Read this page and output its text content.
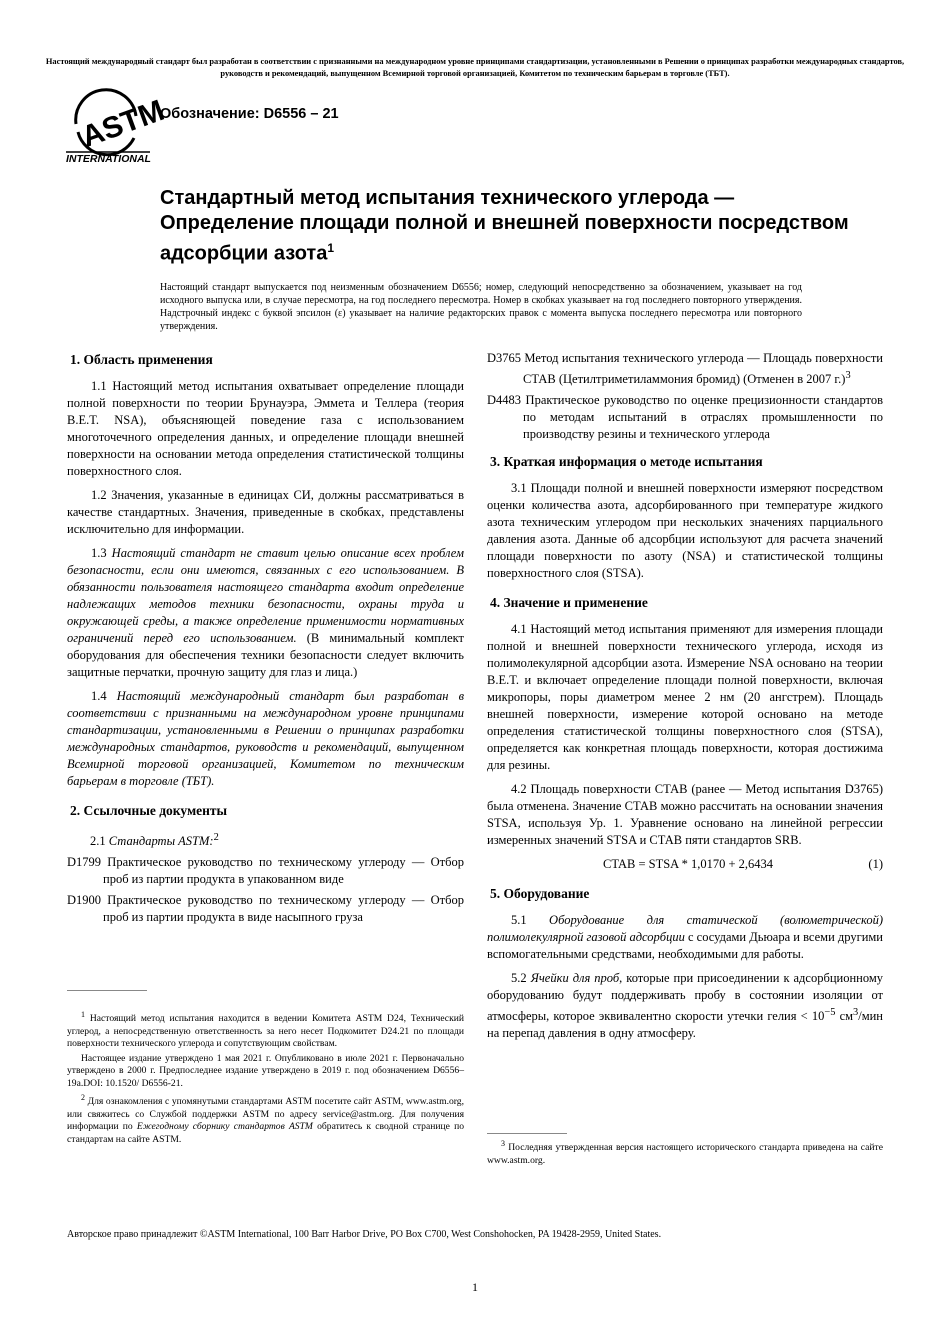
Настоящий международный стандарт был разработан в соответствии с признанными на международном уровне принципами стандартизации, установленными в Решении о принципах разработки международных стандартов, руководств и рекомендаций, выпущенном Всемирной торговой организацией, Комитетом по техническим барьерам в торговле (ТБТ).
ASTM
INTERNATIONAL
Обозначение: D6556 – 21
Стандартный метод испытания технического углерода — Определение площади полной и внешней поверхности посредством адсорбции азота$^1$
Настоящий стандарт выпускается под неизменным обозначением D6556; номер, следующий непосредственно за обозначением, указывает на год исходного выпуска или, в случае пересмотра, на год последнего пересмотра. Номер в скобках указывает на год последнего повторного утверждения. Надстрочный индекс с буквой эпсилон (ε) указывает на наличие редакторских правок с момента выпуска последнего пересмотра или повторного утверждения.
1. Область применения
1.1 Настоящий метод испытания охватывает определение площади полной поверхности по теории Брунауэра, Эммета и Теллера (теория B.E.T. NSA), объясняющей поведение газа с использованием многоточечного определения данных, и определение площади внешней поверхности на основании метода определения статистической толщины поверхностного слоя.
1.2 Значения, указанные в единицах СИ, должны рассматриваться в качестве стандартных. Значения, приведенные в скобках, представлены исключительно для информации.
1.3 Настоящий стандарт не ставит целью описание всех проблем безопасности, если они имеются, связанных с его использованием. В обязанности пользователя настоящего стандарта входит определение надлежащих методов техники безопасности, охраны труда и окружающей среды, а также определение применимости нормативных ограничений перед его использованием. (В минимальный комплект оборудования для обеспечения техники безопасности следует включить защитные перчатки, прочную защиту для глаз и лица.)
1.4 Настоящий международный стандарт был разработан в соответствии с признанными на международном уровне принципами стандартизации, установленными в Решении о принципах разработки международных стандартов, руководств и рекомендаций, выпущенном Всемирной торговой организацией, Комитетом по техническим барьерам в торговле (ТБТ).
2. Ссылочные документы
2.1 Стандарты ASTM:$^2$
D1799 Практическое руководство по техническому углероду — Отбор проб из партии продукта в упакованном виде
D1900 Практическое руководство по техническому углероду — Отбор проб из партии продукта в виде насыпного груза
$^1$ Настоящий метод испытания находится в ведении Комитета ASTM D24, Технический углерод, а непосредственную ответственность за него несет Подкомитет D24.21 по площади поверхности технического углерода и сопутствующим свойствам.
Настоящее издание утверждено 1 мая 2021 г. Опубликовано в июле 2021 г. Первоначально утверждено в 2000 г. Предпоследнее издание утверждено в 2019 г. под обозначением D6556–19a.DOI: 10.1520/ D6556-21.
$^2$ Для ознакомления с упомянутыми стандартами ASTM посетите сайт ASTM, www.astm.org, или свяжитесь со Службой поддержки ASTM по адресу service@astm.org. Для получения информации по Ежегодному сборнику стандартов ASTM обратитесь к сводной странице по стандартам на сайте ASTM.
D3765 Метод испытания технического углерода — Площадь поверхности СТАВ (Цетилтриметиламмония бромид) (Отменен в 2007 г.)$^3$
D4483 Практическое руководство по оценке прецизионности стандартов по методам испытаний в отраслях промышленности по производству резины и технического углерода
3. Краткая информация о методе испытания
3.1 Площади полной и внешней поверхности измеряют посредством оценки количества азота, адсорбированного при температуре жидкого азота техническим углеродом при нескольких значениях парциального давления азота. Данные об адсорбции используют для расчета значений площади поверхности по азоту (NSA) и статистической толщины поверхностного слоя (STSA).
4. Значение и применение
4.1 Настоящий метод испытания применяют для измерения площади полной и внешней поверхности технического углерода, исходя из полимолекулярной адсорбции азота. Измерение NSA основано на теории B.E.T. и включает определение площади полной поверхности, включая микропоры, поры диаметром менее 2 нм (20 ангстрем). Площадь внешней поверхности, измерение которой основано на методе определения статистической толщины поверхностного слоя (STSA), определяется как конкретная площадь поверхности, которая достижима для резины.
4.2 Площадь поверхности СТАВ (ранее — Метод испытания D3765) была отменена. Значение СТАВ можно рассчитать на основании значения STSA, используя Ур. 1. Уравнение основано на линейной регрессии измеренных значений STSA и СТАВ пяти стандартов SRB.
CTAB = STSA * 1,0170 + 2,6434	(1)
5. Оборудование
5.1 Оборудование для статической (волюметрической) полимолекулярной газовой адсорбции с сосудами Дьюара и всеми другими вспомогательными средствами, необходимыми для работы.
5.2 Ячейки для проб, которые при присоединении к адсорбционному оборудованию будут поддерживать пробу в состоянии изоляции от атмосферы, которое эквивалентно скорости утечки гелия < $10^{-5}$ $см^3$/мин на перепад давления в одну атмосферу.
$^3$ Последняя утвержденная версия настоящего исторического стандарта приведена на сайте www.astm.org.
Авторское право принадлежит ©ASTM International, 100 Barr Harbor Drive, PO Box C700, West Conshohocken, PA 19428-2959, United States.
1
